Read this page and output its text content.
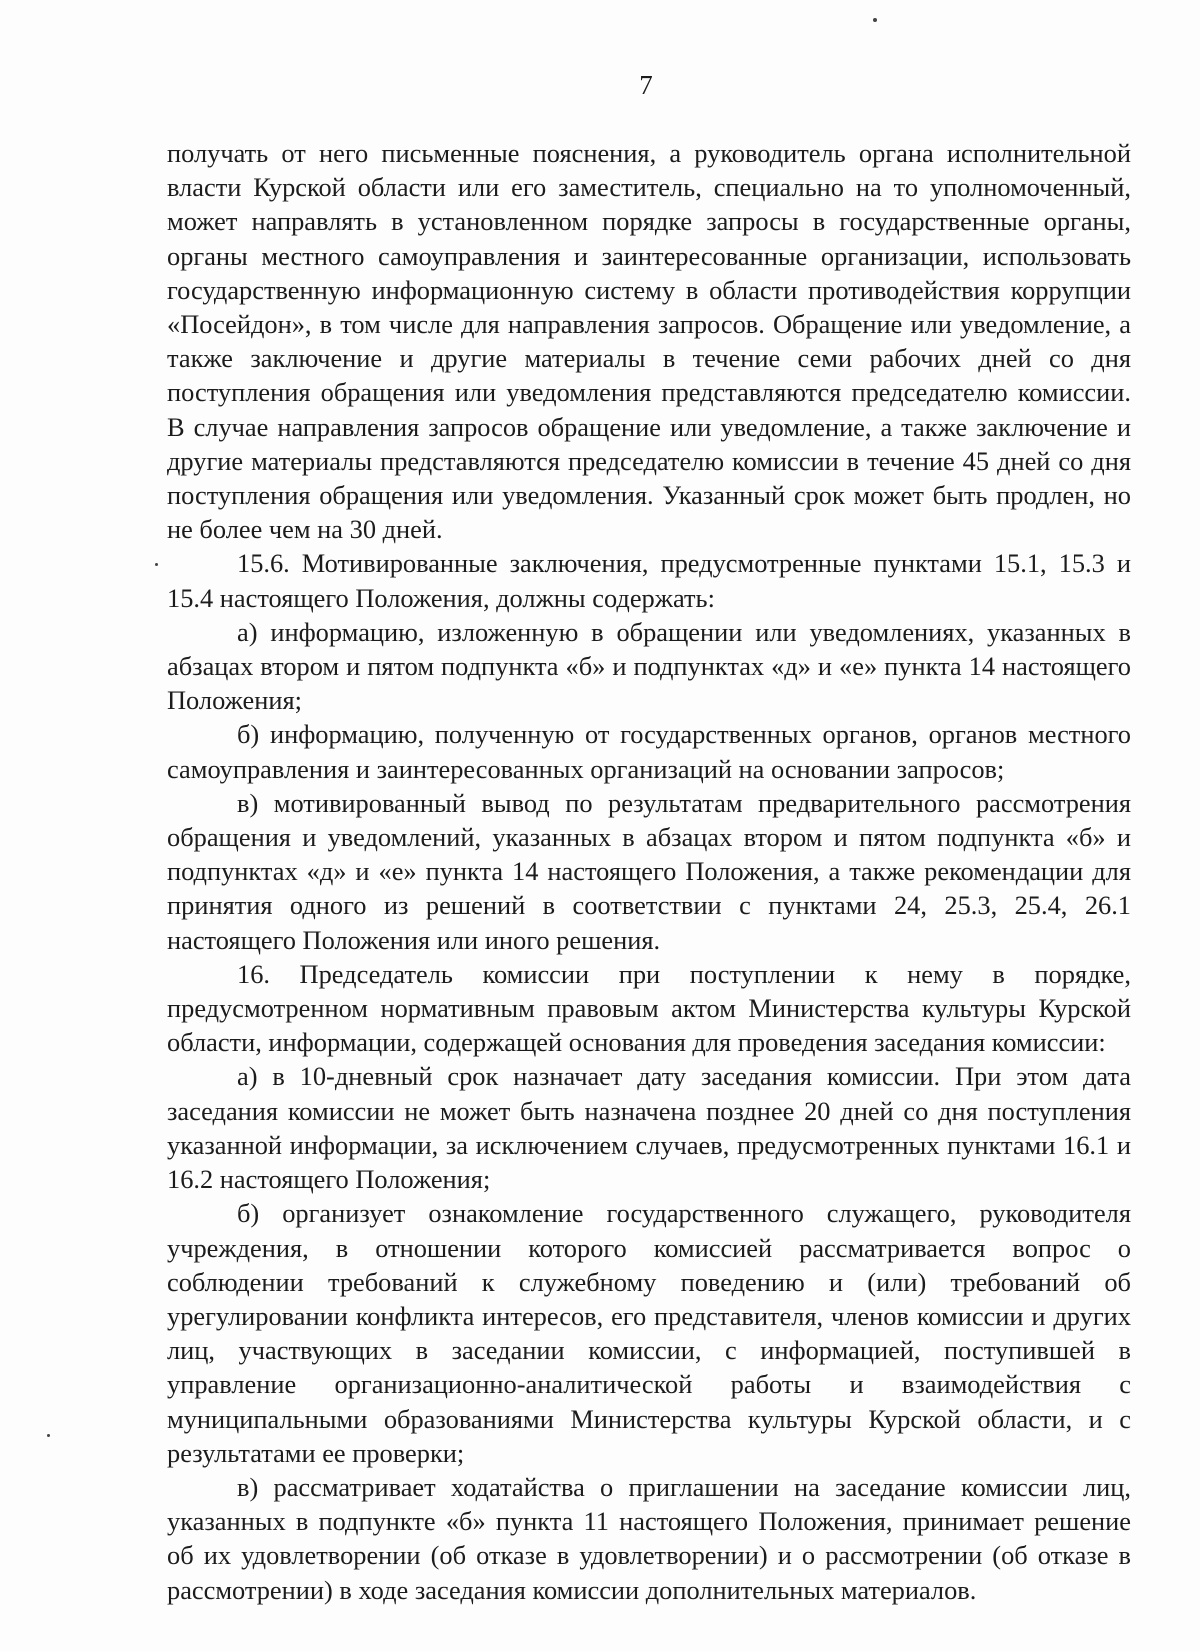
7

получать от него письменные пояснения, а руководитель органа исполнительной власти Курской области или его заместитель, специально на то уполномоченный, может направлять в установленном порядке запросы в государственные органы, органы местного самоуправления и заинтересованные организации, использовать государственную информационную систему в области противодействия коррупции «Посейдон», в том числе для направления запросов. Обращение или уведомление, а также заключение и другие материалы в течение семи рабочих дней со дня поступления обращения или уведомления представляются председателю комиссии. В случае направления запросов обращение или уведомление, а также заключение и другие материалы представляются председателю комиссии в течение 45 дней со дня поступления обращения или уведомления. Указанный срок может быть продлен, но не более чем на 30 дней.

15.6. Мотивированные заключения, предусмотренные пунктами 15.1, 15.3 и 15.4 настоящего Положения, должны содержать:

а) информацию, изложенную в обращении или уведомлениях, указанных в абзацах втором и пятом подпункта «б» и подпунктах «д» и «е» пункта 14 настоящего Положения;

б) информацию, полученную от государственных органов, органов местного самоуправления и заинтересованных организаций на основании запросов;

в) мотивированный вывод по результатам предварительного рассмотрения обращения и уведомлений, указанных в абзацах втором и пятом подпункта «б» и подпунктах «д» и «е» пункта 14 настоящего Положения, а также рекомендации для принятия одного из решений в соответствии с пунктами 24, 25.3, 25.4, 26.1 настоящего Положения или иного решения.

16. Председатель комиссии при поступлении к нему в порядке, предусмотренном нормативным правовым актом Министерства культуры Курской области, информации, содержащей основания для проведения заседания комиссии:

а) в 10-дневный срок назначает дату заседания комиссии. При этом дата заседания комиссии не может быть назначена позднее 20 дней со дня поступления указанной информации, за исключением случаев, предусмотренных пунктами 16.1 и 16.2 настоящего Положения;

б) организует ознакомление государственного служащего, руководителя учреждения, в отношении которого комиссией рассматривается вопрос о соблюдении требований к служебному поведению и (или) требований об урегулировании конфликта интересов, его представителя, членов комиссии и других лиц, участвующих в заседании комиссии, с информацией, поступившей в управление организационно-аналитической работы и взаимодействия с муниципальными образованиями Министерства культуры Курской области, и с результатами ее проверки;

в) рассматривает ходатайства о приглашении на заседание комиссии лиц, указанных в подпункте «б» пункта 11 настоящего Положения, принимает решение об их удовлетворении (об отказе в удовлетворении) и о рассмотрении (об отказе в рассмотрении) в ходе заседания комиссии дополнительных материалов.
